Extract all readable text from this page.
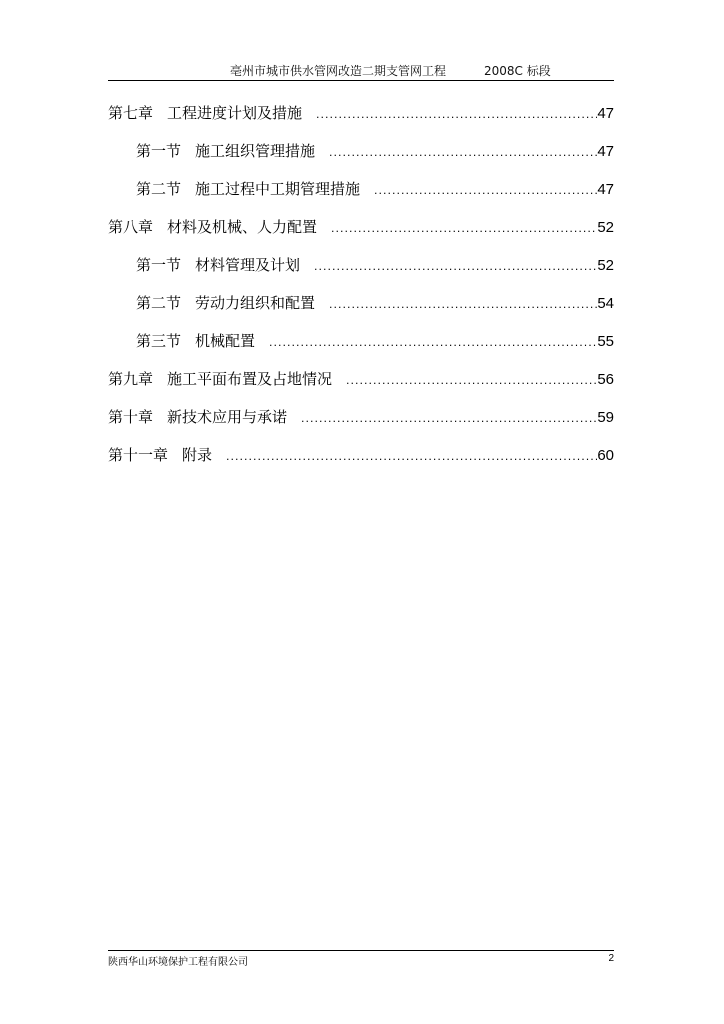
亳州市城市供水管网改造二期支管网工程	2008C 标段
第七章 工程进度计划及措施 .....	47
第一节 施工组织管理措施 .....	47
第二节 施工过程中工期管理措施 .....	47
第八章 材料及机械、人力配置 .....	52
第一节 材料管理及计划 .....	52
第二节 劳动力组织和配置 .....	54
第三节 机械配置 .....	55
第九章 施工平面布置及占地情况 .....	56
第十章 新技术应用与承诺 .....	59
第十一章 附录 .....	60
陕西华山环境保护工程有限公司	2
